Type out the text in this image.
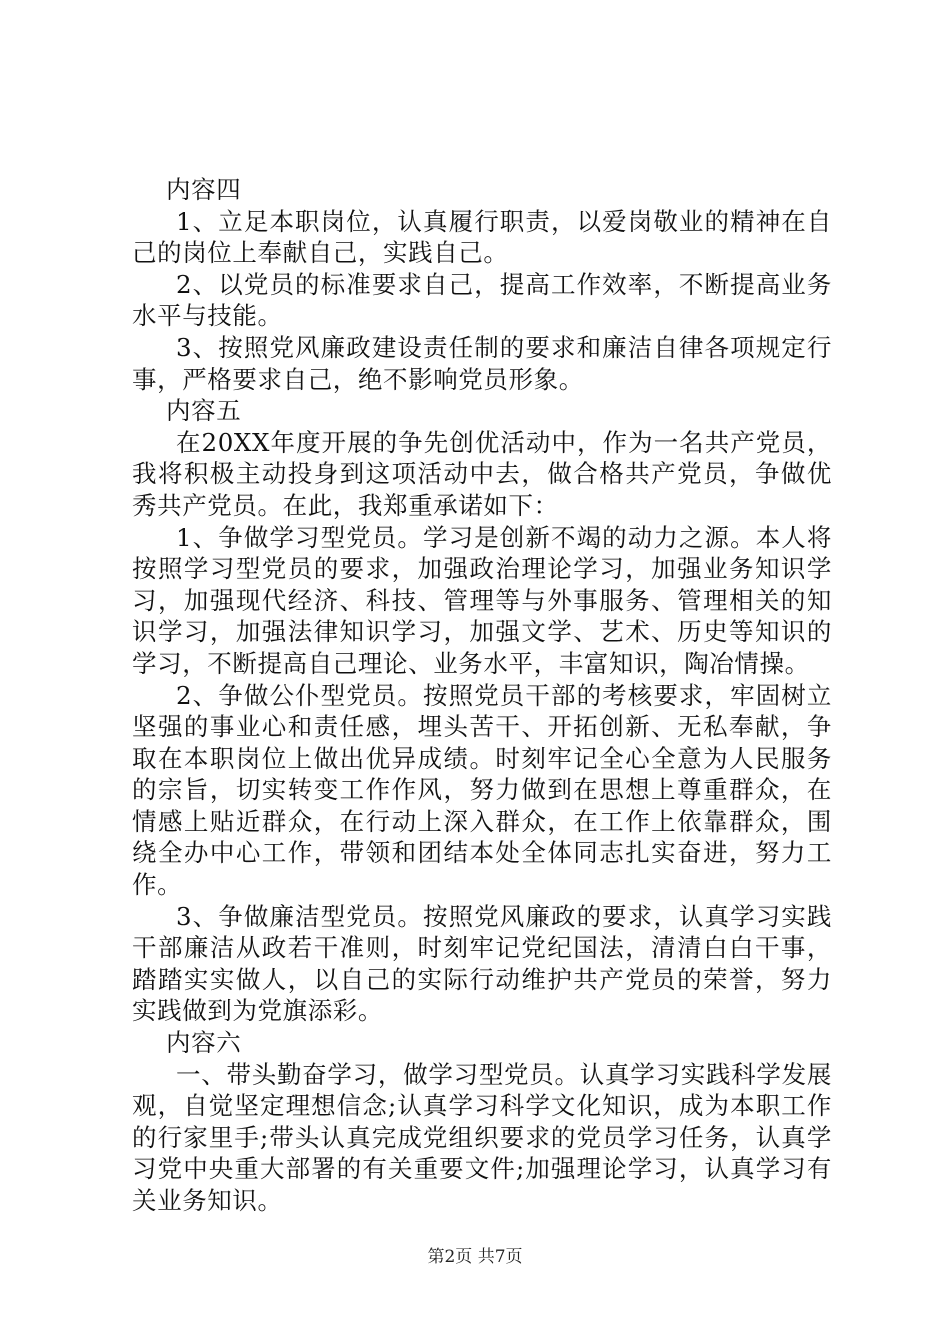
内容四

1、立足本职岗位，认真履行职责，以爱岗敬业的精神在自己的岗位上奉献自己，实践自己。

2、以党员的标准要求自己，提高工作效率，不断提高业务水平与技能。

3、按照党风廉政建设责任制的要求和廉洁自律各项规定行事，严格要求自己，绝不影响党员形象。

内容五

在20XX年度开展的争先创优活动中，作为一名共产党员，我将积极主动投身到这项活动中去，做合格共产党员，争做优秀共产党员。在此，我郑重承诺如下：

1、争做学习型党员。学习是创新不竭的动力之源。本人将按照学习型党员的要求，加强政治理论学习，加强业务知识学习，加强现代经济、科技、管理等与外事服务、管理相关的知识学习，加强法律知识学习，加强文学、艺术、历史等知识的学习，不断提高自己理论、业务水平，丰富知识，陶冶情操。

2、争做公仆型党员。按照党员干部的考核要求，牢固树立坚强的事业心和责任感，埋头苦干、开拓创新、无私奉献，争取在本职岗位上做出优异成绩。时刻牢记全心全意为人民服务的宗旨，切实转变工作作风，努力做到在思想上尊重群众，在情感上贴近群众，在行动上深入群众，在工作上依靠群众，围绕全办中心工作，带领和团结本处全体同志扎实奋进，努力工作。

3、争做廉洁型党员。按照党风廉政的要求，认真学习实践干部廉洁从政若干准则，时刻牢记党纪国法，清清白白干事，踏踏实实做人，以自己的实际行动维护共产党员的荣誉，努力实践做到为党旗添彩。

内容六

一、带头勤奋学习，做学习型党员。认真学习实践科学发展观，自觉坚定理想信念;认真学习科学文化知识，成为本职工作的行家里手;带头认真完成党组织要求的党员学习任务，认真学习党中央重大部署的有关重要文件;加强理论学习，认真学习有关业务知识。

第2页 共7页
